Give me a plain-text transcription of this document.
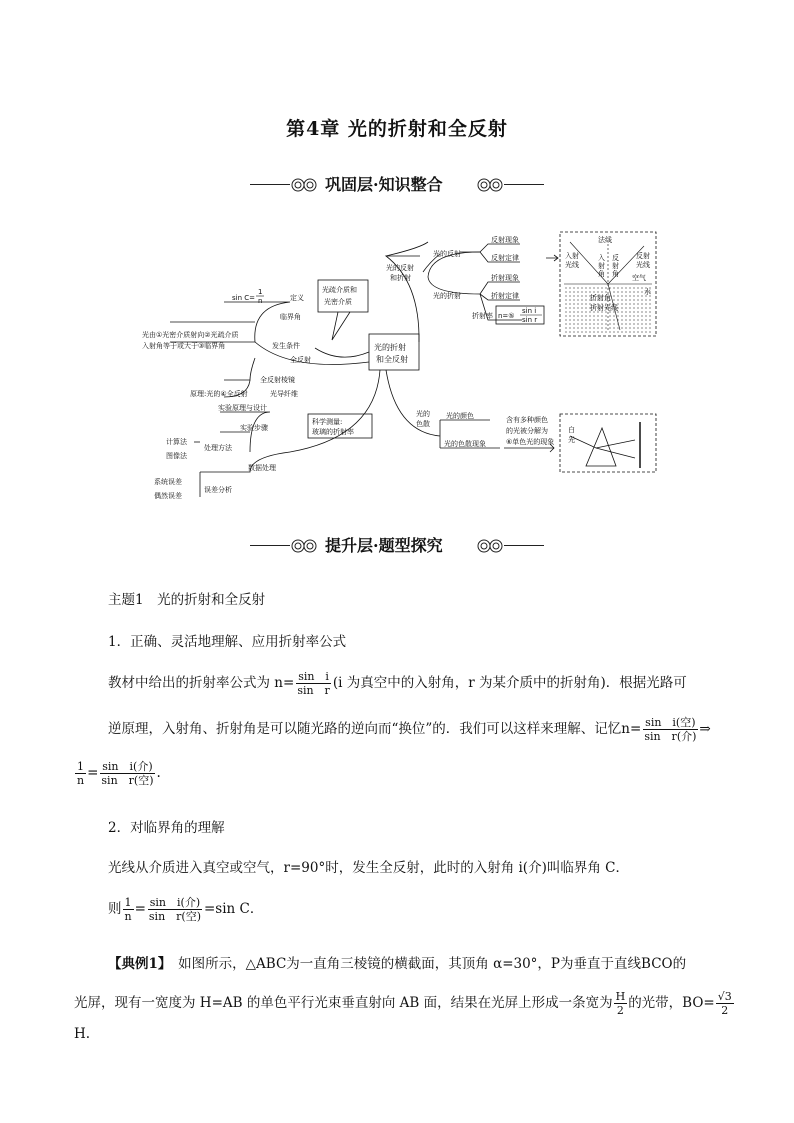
第4章 光的折射和全反射
巩固层·知识整合
光的折射
和全反射
光疏介质和
光密介质
光的反射
和折射
光的反射
光的折射
反射现象
反射定律
折射现象
折射定律
折射率 n=⑤
sin i
sin r
全反射
sin C=
1
n	定义
临界角
光由①光密介质射向②光疏介质
入射角等于或大于③临界角	发生条件
全反射棱镜
原理:光的④全反射	光导纤维
科学测量:
玻璃的折射率
实验原理与设计
实验步骤
计算法
图像法
处理方法
数据处理
系统误差
偶然误差
误差分析
光的
色散
光的颜色
光的色散现象
含有多种颜色
的光被分解为
⑥单色光的现象
法线
入射
光线
反射
光线
入
射
角
反
射
角 空气
水
折射角
折射光线
白
光
提升层·题型探究
主题1　光的折射和全反射
1．正确、灵活地理解、应用折射率公式
教材中给出的折射率公式为 $n= \frac{\text{sin　i}}{\text{sin　r}} (i$ 为真空中的入射角，r 为某介质中的折射角)．根据光路可
逆原理，入射角、折射角是可以随光路的逆向而“换位”的．我们可以这样来理解、记忆$n= \frac{\text{sin　i(空)}}{\text{sin　r(介)}}$ ⇒
$\frac{1}{n} = \frac{\text{sin　i(介)}}{\text{sin　r(空)}}$ .
2．对临界角的理解
光线从介质进入真空或空气，r=90°时，发生全反射，此时的入射角 i(介)叫临界角 C．
则 $\frac{1}{n} = \frac{\text{sin　i(介)}}{\text{sin　r(空)}} =\sin$ C．
【典例1】　如图所示，△ABC为一直角三棱镜的横截面，其顶角 α=30°，P为垂直于直线BCO的
光屏，现有一宽度为 H=AB 的单色平行光束垂直射向 AB 面，结果在光屏上形成一条宽为 $\frac{H}{2}$ 的光带，$BO= \frac{√3}{2}$
H.
